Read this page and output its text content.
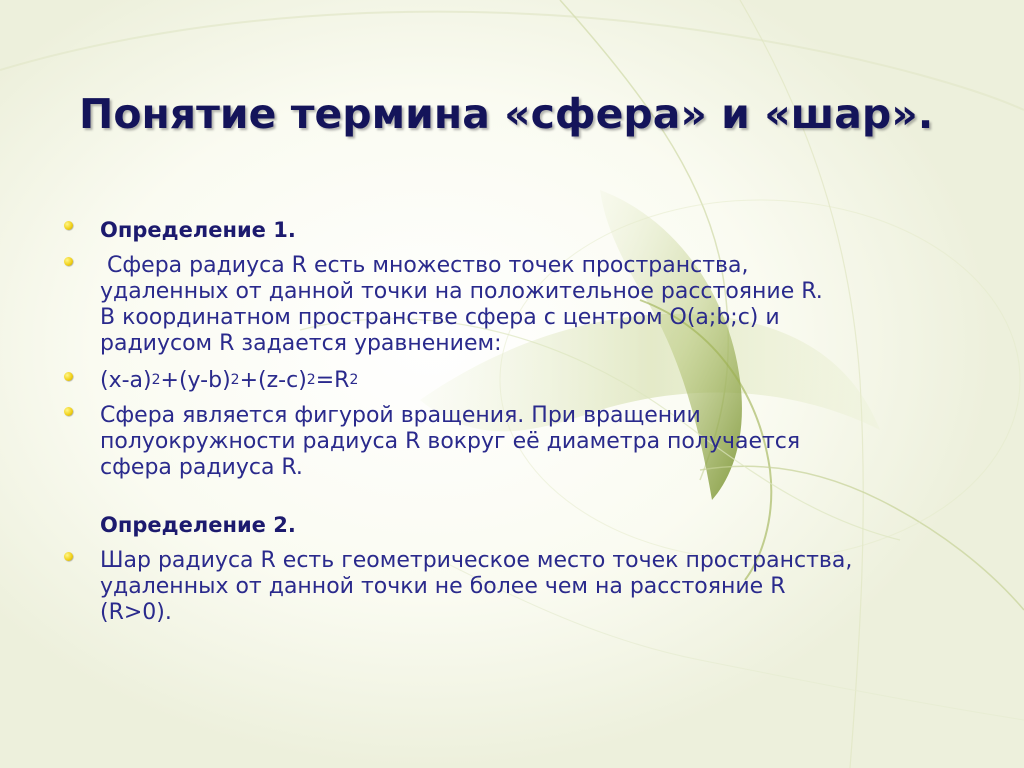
Понятие термина «сфера» и «шар».
Определение 1.
Сфера радиуса R есть множество точек пространства,
удаленных от данной точки на положительное расстояние R.
В координатном пространстве сфера с центром О(a;b;c) и
радиусом R задается уравнением:
$(x-a)^2+(y-b)^2+(z-c)^2=R^2$
Сфера является фигурой вращения. При вращении
полуокружности радиуса R вокруг её диаметра получается
сфера радиуса R.
Определение 2.
Шар радиуса R есть геометрическое место точек пространства,
удаленных от данной точки не более чем на расстояние R
(R>0).
